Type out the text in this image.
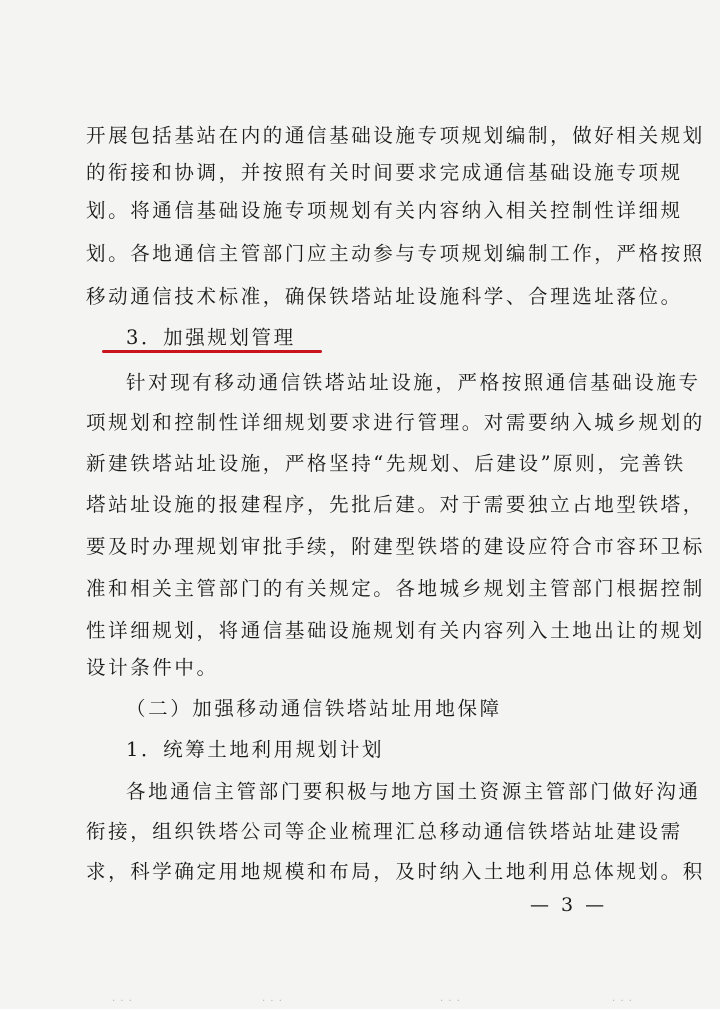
开展包括基站在内的通信基础设施专项规划编制，做好相关规划
的衔接和协调，并按照有关时间要求完成通信基础设施专项规
划。将通信基础设施专项规划有关内容纳入相关控制性详细规
划。各地通信主管部门应主动参与专项规划编制工作，严格按照
移动通信技术标准，确保铁塔站址设施科学、合理选址落位。
3．加强规划管理
针对现有移动通信铁塔站址设施，严格按照通信基础设施专
项规划和控制性详细规划要求进行管理。对需要纳入城乡规划的
新建铁塔站址设施，严格坚持“先规划、后建设”原则，完善铁
塔站址设施的报建程序，先批后建。对于需要独立占地型铁塔，
要及时办理规划审批手续，附建型铁塔的建设应符合市容环卫标
准和相关主管部门的有关规定。各地城乡规划主管部门根据控制
性详细规划，将通信基础设施规划有关内容列入土地出让的规划
设计条件中。
（二）加强移动通信铁塔站址用地保障
1．统筹土地利用规划计划
各地通信主管部门要积极与地方国土资源主管部门做好沟通
衔接，组织铁塔公司等企业梳理汇总移动通信铁塔站址建设需
求，科学确定用地规模和布局，及时纳入土地利用总体规划。积
— 3 —
· · ·	· · ·	· · ·	· · ·
